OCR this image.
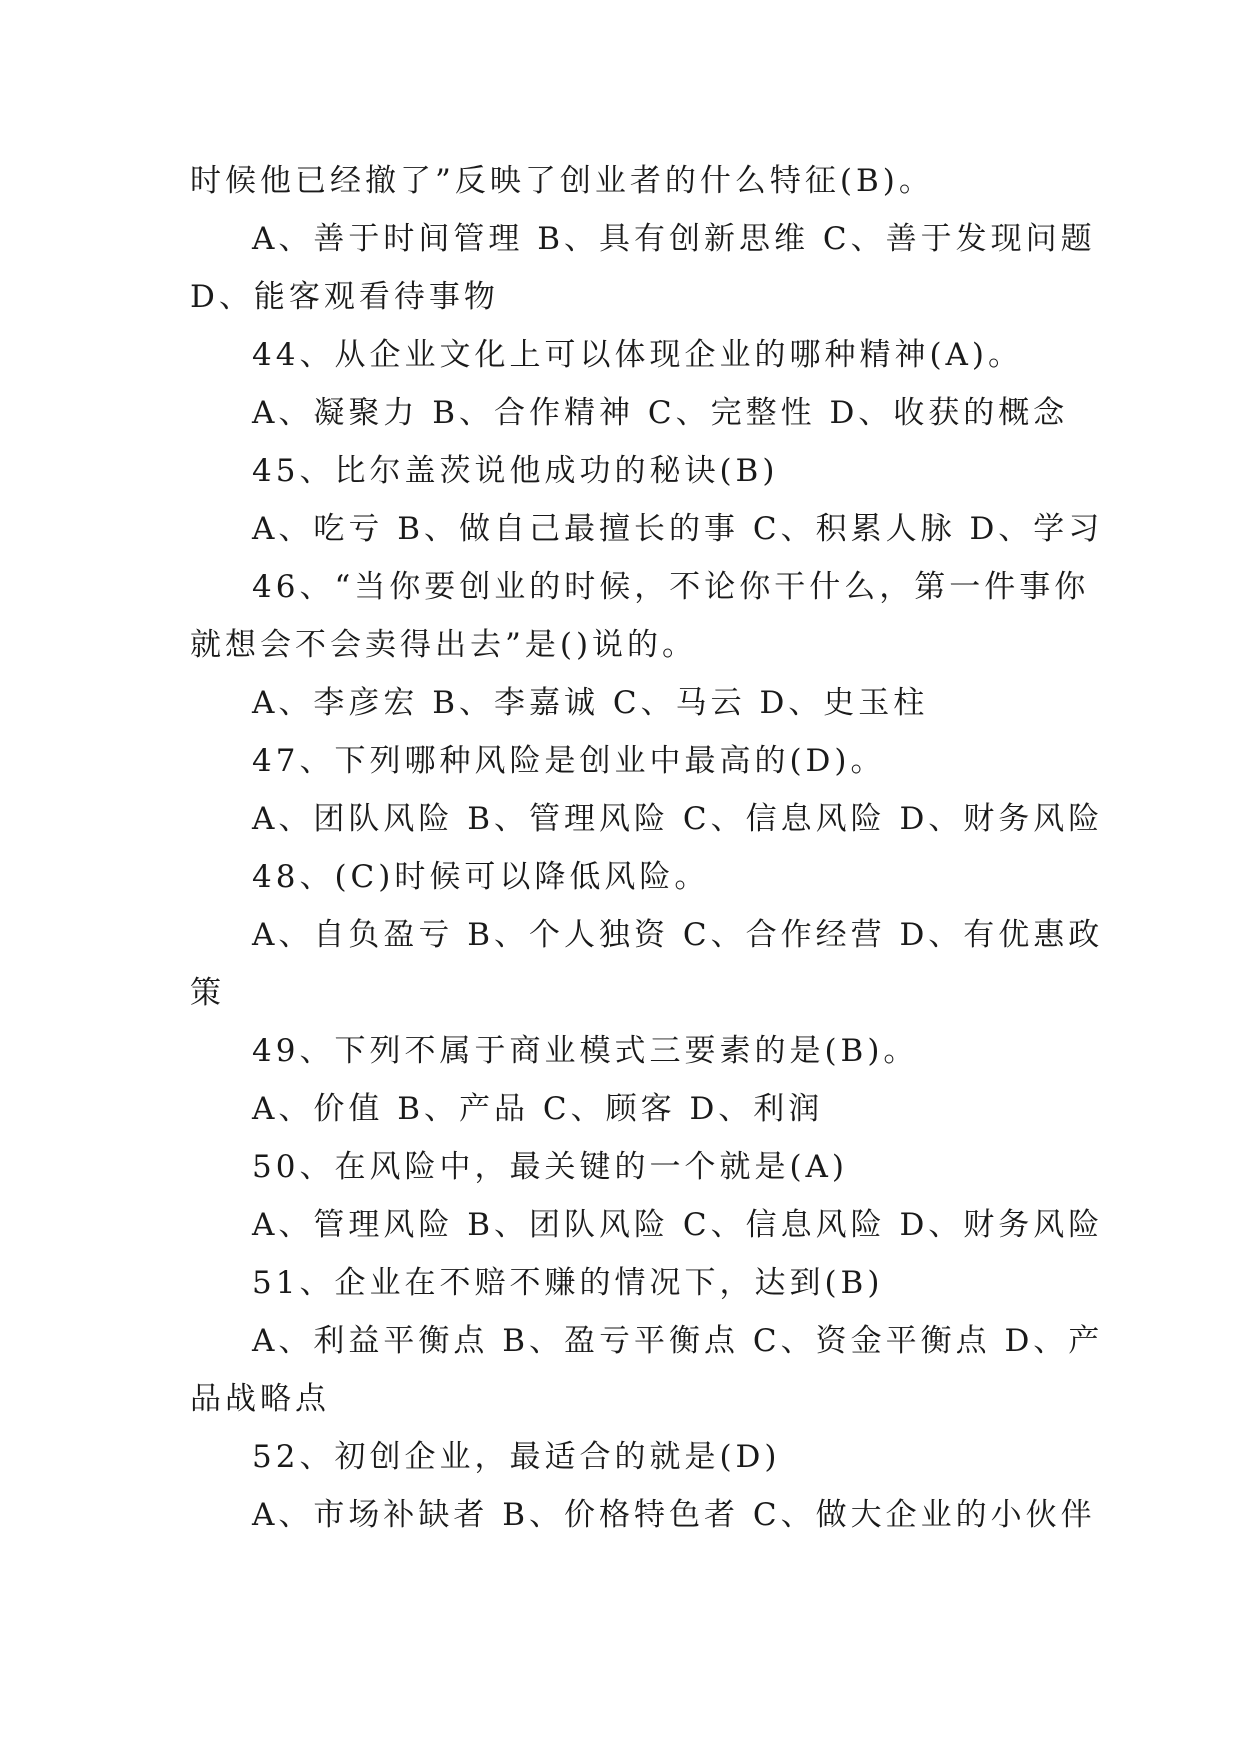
时候他已经撤了”反映了创业者的什么特征(B)。
A、善于时间管理 B、具有创新思维 C、善于发现问题
D、能客观看待事物
44、从企业文化上可以体现企业的哪种精神(A)。
A、凝聚力 B、合作精神 C、完整性 D、收获的概念
45、比尔盖茨说他成功的秘诀(B)
A、吃亏 B、做自己最擅长的事 C、积累人脉 D、学习
46、“当你要创业的时候，不论你干什么，第一件事你
就想会不会卖得出去”是()说的。
A、李彦宏 B、李嘉诚 C、马云 D、史玉柱
47、下列哪种风险是创业中最高的(D)。
A、团队风险 B、管理风险 C、信息风险 D、财务风险
48、(C)时候可以降低风险。
A、自负盈亏 B、个人独资 C、合作经营 D、有优惠政
策
49、下列不属于商业模式三要素的是(B)。
A、价值 B、产品 C、顾客 D、利润
50、在风险中，最关键的一个就是(A)
A、管理风险 B、团队风险 C、信息风险 D、财务风险
51、企业在不赔不赚的情况下，达到(B)
A、利益平衡点 B、盈亏平衡点 C、资金平衡点 D、产
品战略点
52、初创企业，最适合的就是(D)
A、市场补缺者 B、价格特色者 C、做大企业的小伙伴
